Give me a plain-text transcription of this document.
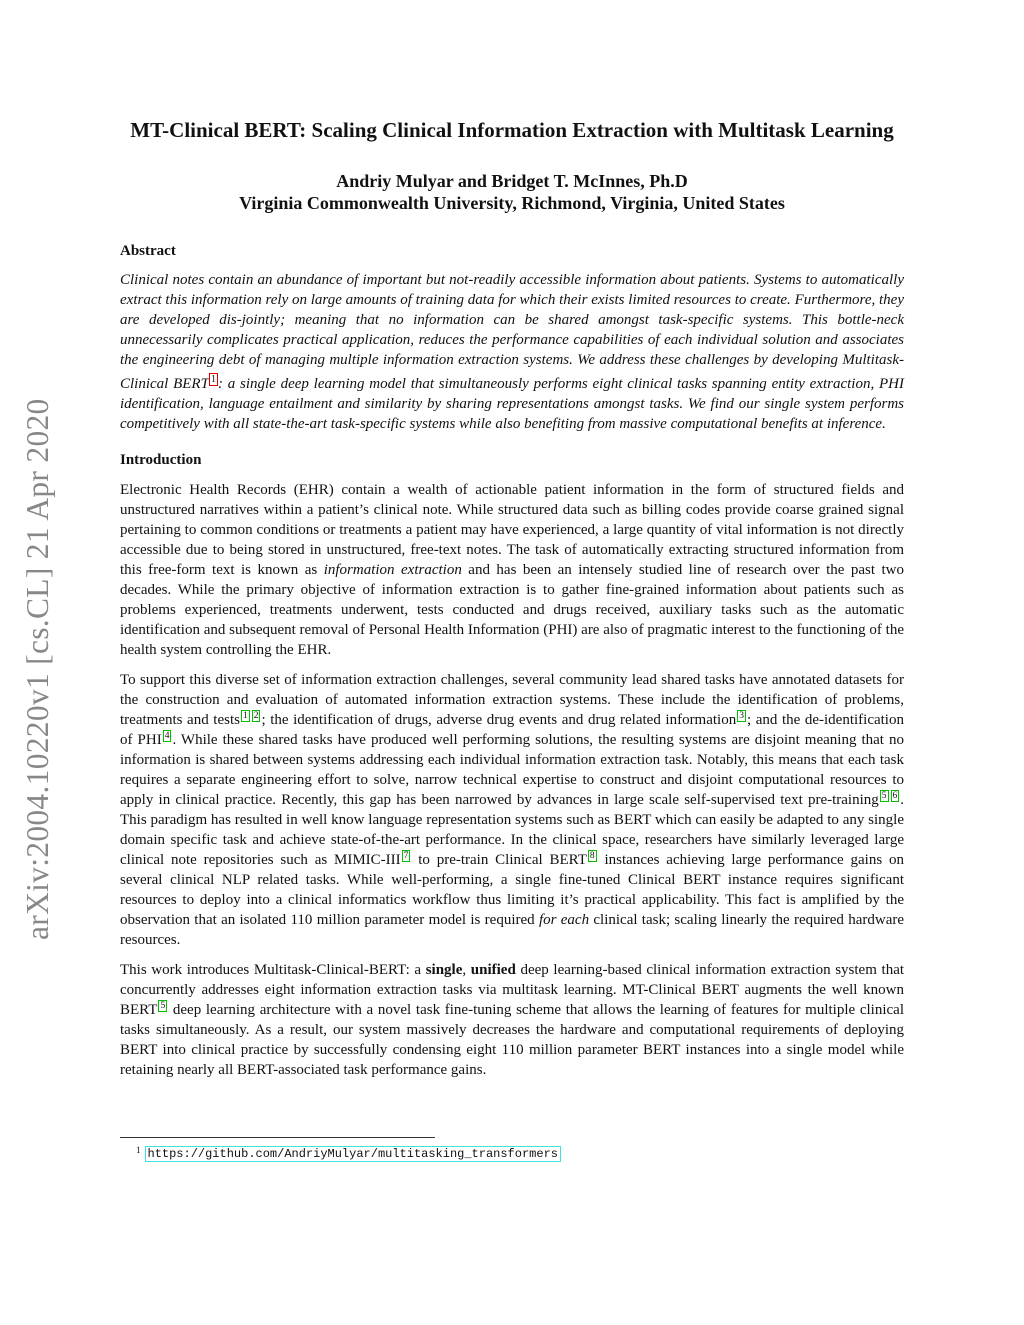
arXiv:2004.10220v1 [cs.CL] 21 Apr 2020
MT-Clinical BERT: Scaling Clinical Information Extraction with Multitask Learning
Andriy Mulyar and Bridget T. McInnes, Ph.D
Virginia Commonwealth University, Richmond, Virginia, United States
Abstract

Clinical notes contain an abundance of important but not-readily accessible information about patients. Systems to automatically extract this information rely on large amounts of training data for which their exists limited resources to create. Furthermore, they are developed dis-jointly; meaning that no information can be shared amongst task-specific systems. This bottle-neck unnecessarily complicates practical application, reduces the performance capabilities of each individual solution and associates the engineering debt of managing multiple information extraction systems. We address these challenges by developing Multitask-Clinical BERT $^1$ : a single deep learning model that simultaneously performs eight clinical tasks spanning entity extraction, PHI identification, language entailment and similarity by sharing representations amongst tasks. We find our single system performs competitively with all state-the-art task-specific systems while also benefiting from massive computational benefits at inference.

Introduction

Electronic Health Records (EHR) contain a wealth of actionable patient information in the form of structured fields and unstructured narratives within a patient’s clinical note. While structured data such as billing codes provide coarse grained signal pertaining to common conditions or treatments a patient may have experienced, a large quantity of vital information is not directly accessible due to being stored in unstructured, free-text notes. The task of automatically extracting structured information from this free-form text is known as information extraction and has been an intensely studied line of research over the past two decades. While the primary objective of information extraction is to gather fine-grained information about patients such as problems experienced, treatments underwent, tests conducted and drugs received, auxiliary tasks such as the automatic identification and subsequent removal of Personal Health Information (PHI) are also of pragmatic interest to the functioning of the health system controlling the EHR.

To support this diverse set of information extraction challenges, several community lead shared tasks have annotated datasets for the construction and evaluation of automated information extraction systems. These include the identification of problems, treatments and tests 1 2 ; the identification of drugs, adverse drug events and drug related information 3 ; and the de-identification of PHI 4 . While these shared tasks have produced well performing solutions, the resulting systems are disjoint meaning that no information is shared between systems addressing each individual information extraction task. Notably, this means that each task requires a separate engineering effort to solve, narrow technical expertise to construct and disjoint computational resources to apply in clinical practice. Recently, this gap has been narrowed by advances in large scale self-supervised text pre-training 5 6 . This paradigm has resulted in well know language representation systems such as BERT which can easily be adapted to any single domain specific task and achieve state-of-the-art performance. In the clinical space, researchers have similarly leveraged large clinical note repositories such as MIMIC-III 7 to pre-train Clinical BERT 8 instances achieving large performance gains on several clinical NLP related tasks. While well-performing, a single fine-tuned Clinical BERT instance requires significant resources to deploy into a clinical informatics workflow thus limiting it’s practical applicability. This fact is amplified by the observation that an isolated 110 million parameter model is required for each clinical task; scaling linearly the required hardware resources.

This work introduces Multitask-Clinical-BERT: a single, unified deep learning-based clinical information extraction system that concurrently addresses eight information extraction tasks via multitask learning. MT-Clinical BERT augments the well known BERT 5 deep learning architecture with a novel task fine-tuning scheme that allows the learning of features for multiple clinical tasks simultaneously. As a result, our system massively decreases the hardware and computational requirements of deploying BERT into clinical practice by successfully condensing eight 110 million parameter BERT instances into a single model while retaining nearly all BERT-associated task performance gains.

$^1$ https://github.com/AndriyMulyar/multitasking_transformers
